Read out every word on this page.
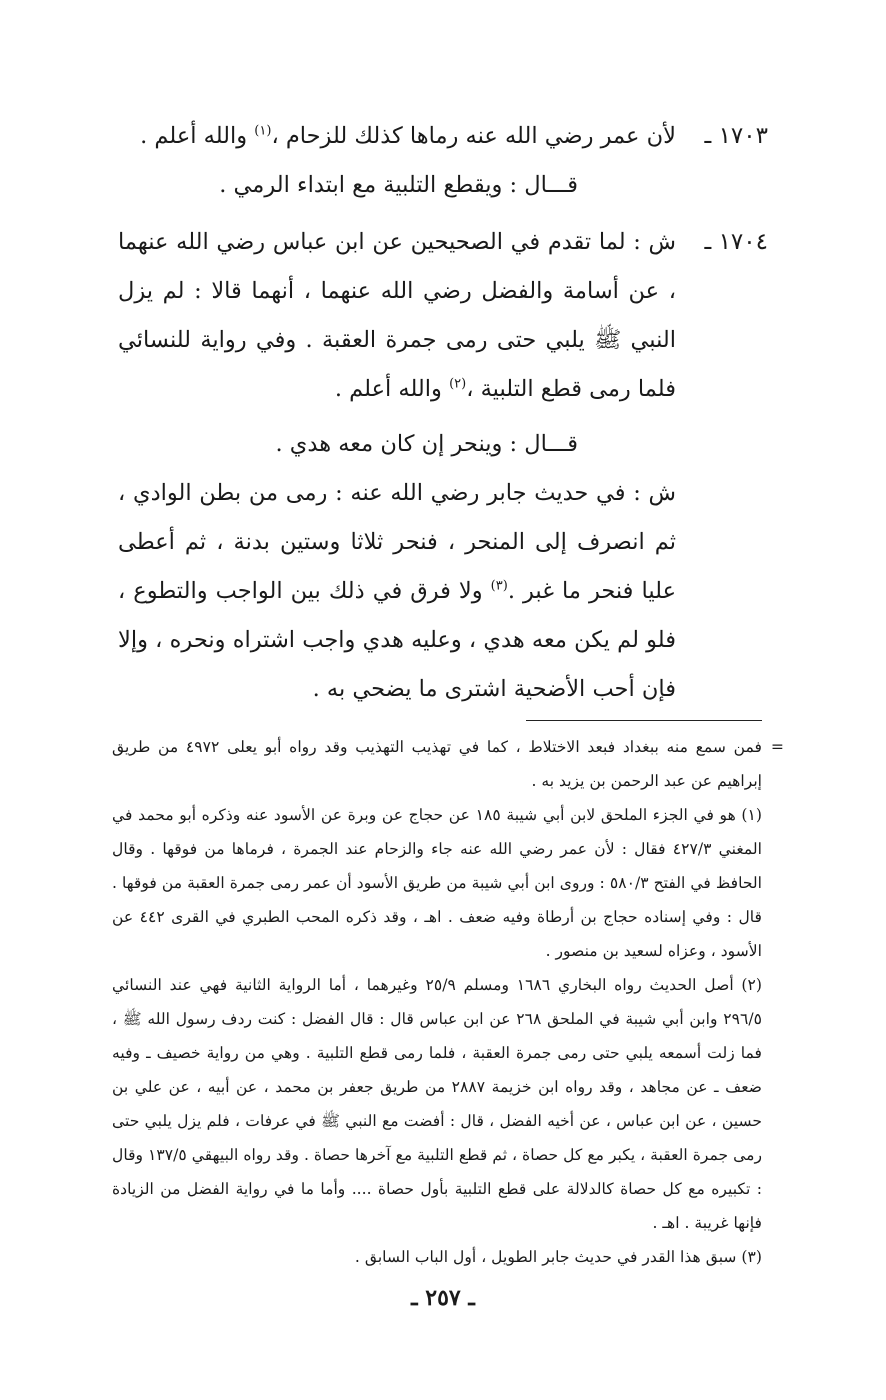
١٧٠٣ ـ
لأن عمر رضي الله عنه رماها كذلك للزحام ،$^{(١)}$ والله أعلم .
قـــال : ويقطع التلبية مع ابتداء الرمي .
١٧٠٤ ـ
ش : لما تقدم في الصحيحين عن ابن عباس رضي الله عنهما ، عن أسامة والفضل رضي الله عنهما ، أنهما قالا : لم يزل النبي ﷺ يلبي حتى رمى جمرة العقبة . وفي رواية للنسائي فلما رمى قطع التلبية ،$^{(٢)}$ والله أعلم .
قـــال : وينحر إن كان معه هدي .
ش : في حديث جابر رضي الله عنه : رمى من بطن الوادي ، ثم انصرف إلى المنحر ، فنحر ثلاثا وستين بدنة ، ثم أعطى عليا فنحر ما غبر .$^{(٣)}$ ولا فرق في ذلك بين الواجب والتطوع ، فلو لم يكن معه هدي ، وعليه هدي واجب اشتراه ونحره ، وإلا فإن أحب الأضحية اشترى ما يضحي به .

=
فمن سمع منه ببغداد فبعد الاختلاط ، كما في تهذيب التهذيب وقد رواه أبو يعلى ٤٩٧٢ من طريق إبراهيم عن عبد الرحمن بن يزيد به .

(١) هو في الجزء الملحق لابن أبي شيبة ١٨٥ عن حجاج عن وبرة عن الأسود عنه وذكره أبو محمد في المغني ٤٢٧/٣ فقال : لأن عمر رضي الله عنه جاء والزحام عند الجمرة ، فرماها من فوقها . وقال الحافظ في الفتح ٥٨٠/٣ : وروى ابن أبي شيبة من طريق الأسود أن عمر رمى جمرة العقبة من فوقها . قال : وفي إسناده حجاج بن أرطاة وفيه ضعف . اهـ ، وقد ذكره المحب الطبري في القرى ٤٤٢ عن الأسود ، وعزاه لسعيد بن منصور .

(٢) أصل الحديث رواه البخاري ١٦٨٦ ومسلم ٢٥/٩ وغيرهما ، أما الرواية الثانية فهي عند النسائي ٢٩٦/٥ وابن أبي شيبة في الملحق ٢٦٨ عن ابن عباس قال : قال الفضل : كنت ردف رسول الله ﷺ ، فما زلت أسمعه يلبي حتى رمى جمرة العقبة ، فلما رمى قطع التلبية . وهي من رواية خصيف ـ وفيه ضعف ـ عن مجاهد ، وقد رواه ابن خزيمة ٢٨٨٧ من طريق جعفر بن محمد ، عن أبيه ، عن علي بن حسين ، عن ابن عباس ، عن أخيه الفضل ، قال : أفضت مع النبي ﷺ في عرفات ، فلم يزل يلبي حتى رمى جمرة العقبة ، يكبر مع كل حصاة ، ثم قطع التلبية مع آخرها حصاة . وقد رواه البيهقي ١٣٧/٥ وقال : تكبيره مع كل حصاة كالدلالة على قطع التلبية بأول حصاة .... وأما ما في رواية الفضل من الزيادة فإنها غريبة . اهـ .

(٣) سبق هذا القدر في حديث جابر الطويل ، أول الباب السابق .

ـ ٢٥٧ ـ
